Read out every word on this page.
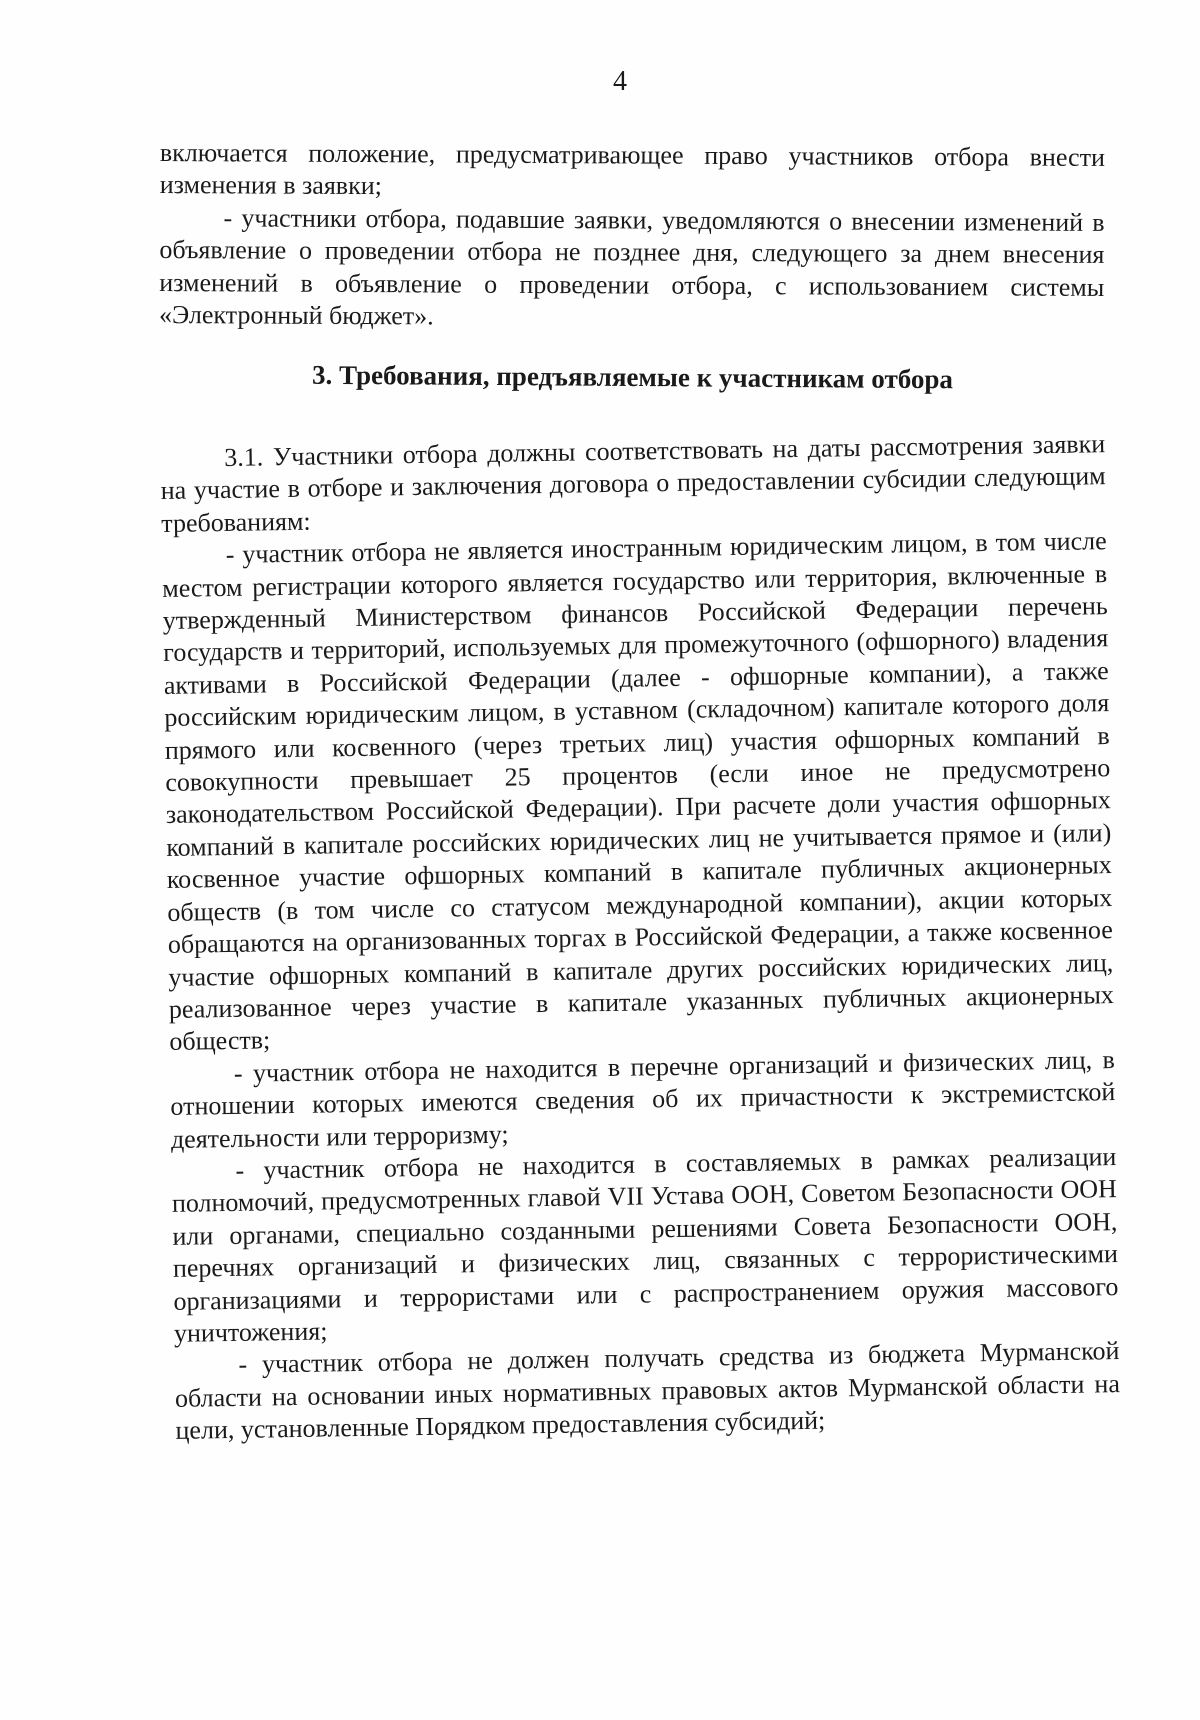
4

включается положение, предусматривающее право участников отбора внести изменения в заявки;

- участники отбора, подавшие заявки, уведомляются о внесении изменений в объявление о проведении отбора не позднее дня, следующего за днем внесения изменений в объявление о проведении отбора, с использованием системы «Электронный бюджет».

3. Требования, предъявляемые к участникам отбора

3.1. Участники отбора должны соответствовать на даты рассмотрения заявки на участие в отборе и заключения договора о предоставлении субсидии следующим требованиям:

- участник отбора не является иностранным юридическим лицом, в том числе местом регистрации которого является государство или территория, включенные в утвержденный Министерством финансов Российской Федерации перечень государств и территорий, используемых для промежуточного (офшорного) владения активами в Российской Федерации (далее - офшорные компании), а также российским юридическим лицом, в уставном (складочном) капитале которого доля прямого или косвенного (через третьих лиц) участия офшорных компаний в совокупности превышает 25 процентов (если иное не предусмотрено законодательством Российской Федерации). При расчете доли участия офшорных компаний в капитале российских юридических лиц не учитывается прямое и (или) косвенное участие офшорных компаний в капитале публичных акционерных обществ (в том числе со статусом международной компании), акции которых обращаются на организованных торгах в Российской Федерации, а также косвенное участие офшорных компаний в капитале других российских юридических лиц, реализованное через участие в капитале указанных публичных акционерных обществ;

- участник отбора не находится в перечне организаций и физических лиц, в отношении которых имеются сведения об их причастности к экстремистской деятельности или терроризму;

- участник отбора не находится в составляемых в рамках реализации полномочий, предусмотренных главой VII Устава ООН, Советом Безопасности ООН или органами, специально созданными решениями Совета Безопасности ООН, перечнях организаций и физических лиц, связанных с террористическими организациями и террористами или с распространением оружия массового уничтожения;

- участник отбора не должен получать средства из бюджета Мурманской области на основании иных нормативных правовых актов Мурманской области на цели, установленные Порядком предоставления субсидий;
